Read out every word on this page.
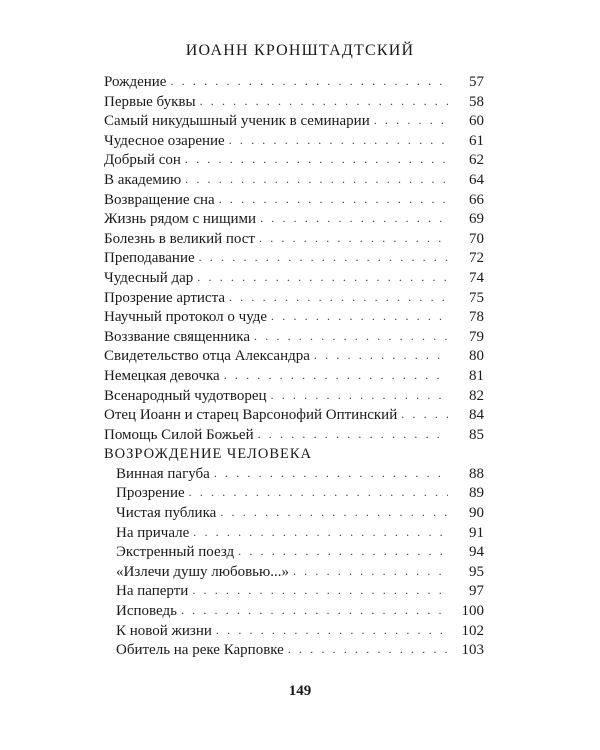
ИОАНН КРОНШТАДТСКИЙ
Рождение . . .	57
Первые буквы . . .	58
Самый никудышный ученик в семинарии . . .	60
Чудесное озарение . . .	61
Добрый сон . . .	62
В академию . . .	64
Возвращение сна . . .	66
Жизнь рядом с нищими . . .	69
Болезнь в великий пост . . .	70
Преподавание . . .	72
Чудесный дар . . .	74
Прозрение артиста . . .	75
Научный протокол о чуде . . .	78
Воззвание священника . . .	79
Свидетельство отца Александра . . .	80
Немецкая девочка . . .	81
Всенародный чудотворец . . .	82
Отец Иоанн и старец Варсонофий Оптинский . . .	84
Помощь Силой Божьей . . .	85
ВОЗРОЖДЕНИЕ ЧЕЛОВЕКА
Винная пагуба . . .	88
Прозрение . . .	89
Чистая публика . . .	90
На причале . . .	91
Экстренный поезд . . .	94
«Излечи душу любовью...» . . .	95
На паперти . . .	97
Исповедь . . .	100
К новой жизни . . .	102
Обитель на реке Карповке . . .	103
149
